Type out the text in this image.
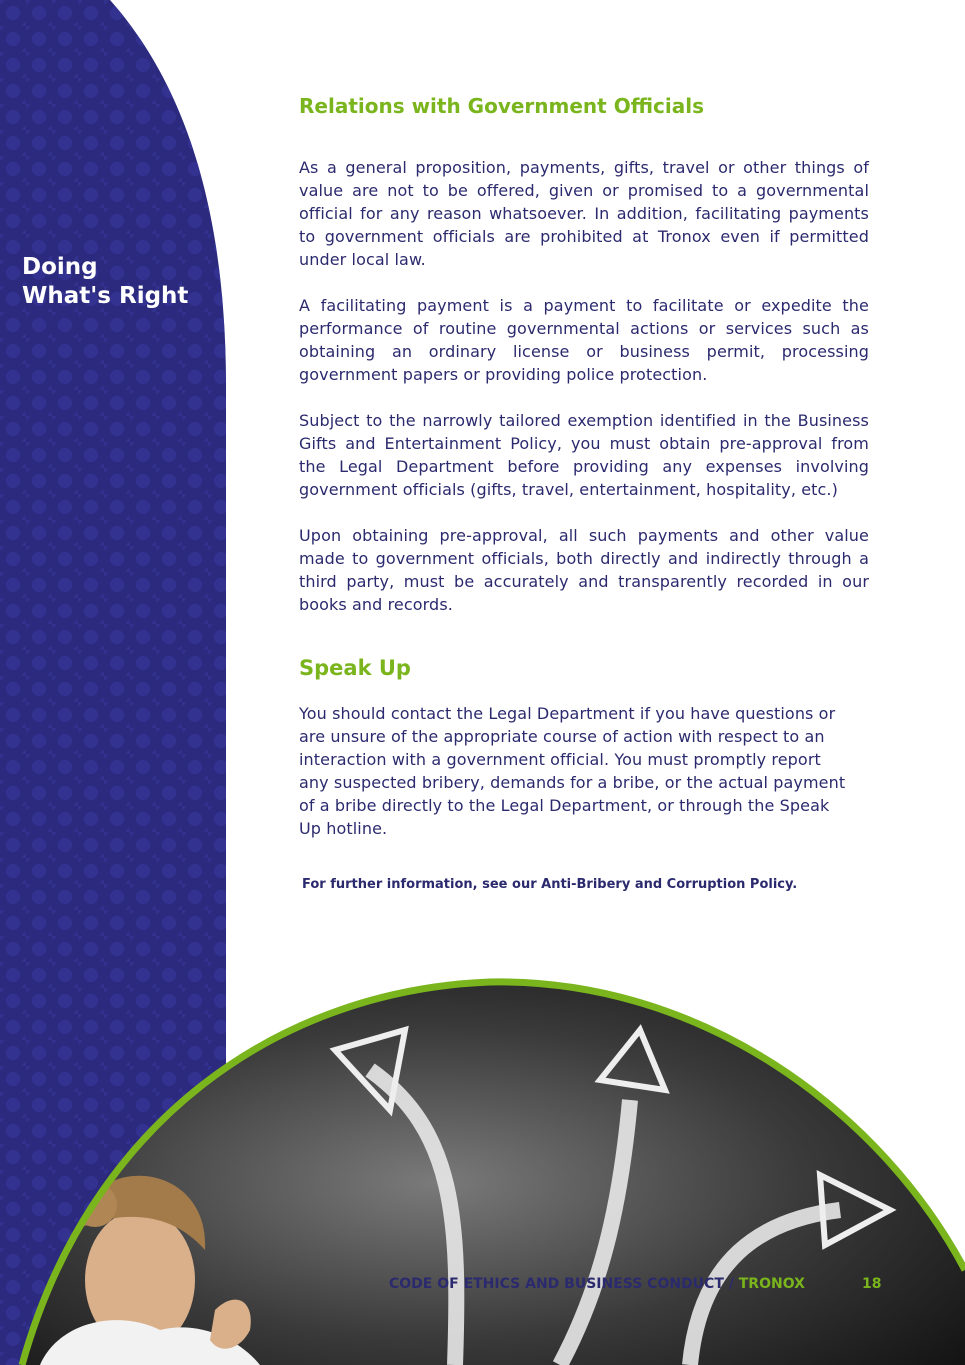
Doing
What's Right
Relations with Government Officials

As a general proposition, payments, gifts, travel or other things of value are not to be offered, given or promised to a governmental official for any reason whatsoever. In addition, facilitating payments to government officials are prohibited at Tronox even if permitted under local law.

A facilitating payment is a payment to facilitate or expedite the performance of routine governmental actions or services such as obtaining an ordinary license or business permit, processing government papers or providing police protection.

Subject to the narrowly tailored exemption identified in the Business Gifts and Entertainment Policy, you must obtain pre-approval from the Legal Department before providing any expenses involving government officials (gifts, travel, entertainment, hospitality, etc.)

Upon obtaining pre-approval, all such payments and other value made to government officials, both directly and indirectly through a third party, must be accurately and transparently recorded in our books and records.

Speak Up

You should contact the Legal Department if you have questions or are unsure of the appropriate course of action with respect to an interaction with a government official. You must promptly report any suspected bribery, demands for a bribe, or the actual payment of a bribe directly to the Legal Department, or through the Speak Up hotline.

For further information, see our Anti-Bribery and Corruption Policy.

CODE OF ETHICS AND BUSINESS CONDUCT / TRONOX	18
